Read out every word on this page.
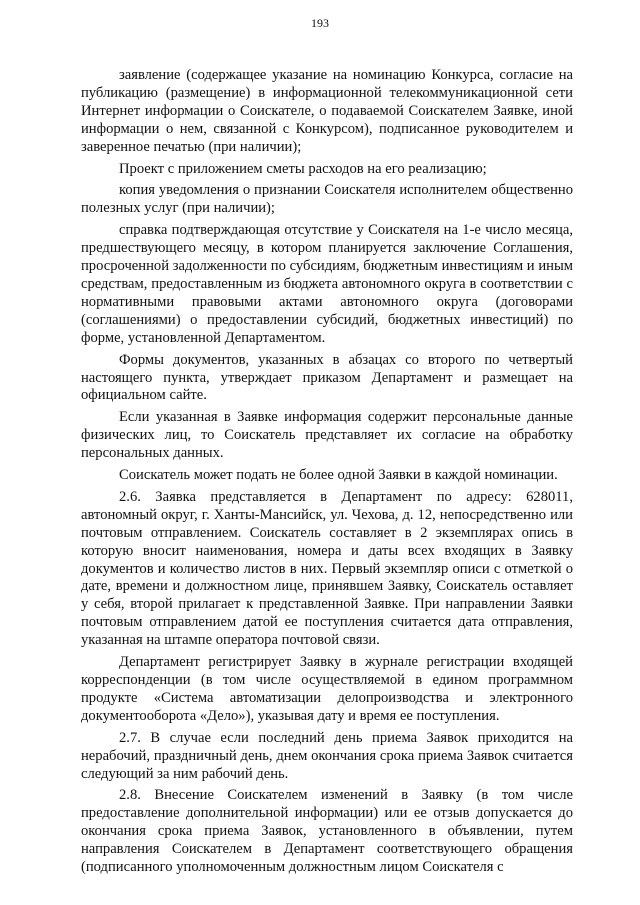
193

заявление (содержащее указание на номинацию Конкурса, согласие на публикацию (размещение) в информационной телекоммуникационной сети Интернет информации о Соискателе, о подаваемой Соискателем Заявке, иной информации о нем, связанной с Конкурсом), подписанное руководителем и заверенное печатью (при наличии);

Проект с приложением сметы расходов на его реализацию;

копия уведомления о признании Соискателя исполнителем общественно полезных услуг (при наличии);

справка подтверждающая отсутствие у Соискателя на 1-е число месяца, предшествующего месяцу, в котором планируется заключение Соглашения, просроченной задолженности по субсидиям, бюджетным инвестициям и иным средствам, предоставленным из бюджета автономного округа в соответствии с нормативными правовыми актами автономного округа (договорами (соглашениями) о предоставлении субсидий, бюджетных инвестиций) по форме, установленной Департаментом.

Формы документов, указанных в абзацах со второго по четвертый настоящего пункта, утверждает приказом Департамент и размещает на официальном сайте.

Если указанная в Заявке информация содержит персональные данные физических лиц, то Соискатель представляет их согласие на обработку персональных данных.

Соискатель может подать не более одной Заявки в каждой номинации.

2.6. Заявка представляется в Департамент по адресу: 628011, автономный округ, г. Ханты-Мансийск, ул. Чехова, д. 12, непосредственно или почтовым отправлением. Соискатель составляет в 2 экземплярах опись в которую вносит наименования, номера и даты всех входящих в Заявку документов и количество листов в них. Первый экземпляр описи с отметкой о дате, времени и должностном лице, принявшем Заявку, Соискатель оставляет у себя, второй прилагает к представленной Заявке. При направлении Заявки почтовым отправлением датой ее поступления считается дата отправления, указанная на штампе оператора почтовой связи.

Департамент регистрирует Заявку в журнале регистрации входящей корреспонденции (в том числе осуществляемой в едином программном продукте «Система автоматизации делопроизводства и электронного документооборота «Дело»), указывая дату и время ее поступления.

2.7. В случае если последний день приема Заявок приходится на нерабочий, праздничный день, днем окончания срока приема Заявок считается следующий за ним рабочий день.

2.8. Внесение Соискателем изменений в Заявку (в том числе предоставление дополнительной информации) или ее отзыв допускается до окончания срока приема Заявок, установленного в объявлении, путем направления Соискателем в Департамент соответствующего обращения (подписанного уполномоченным должностным лицом Соискателя с
